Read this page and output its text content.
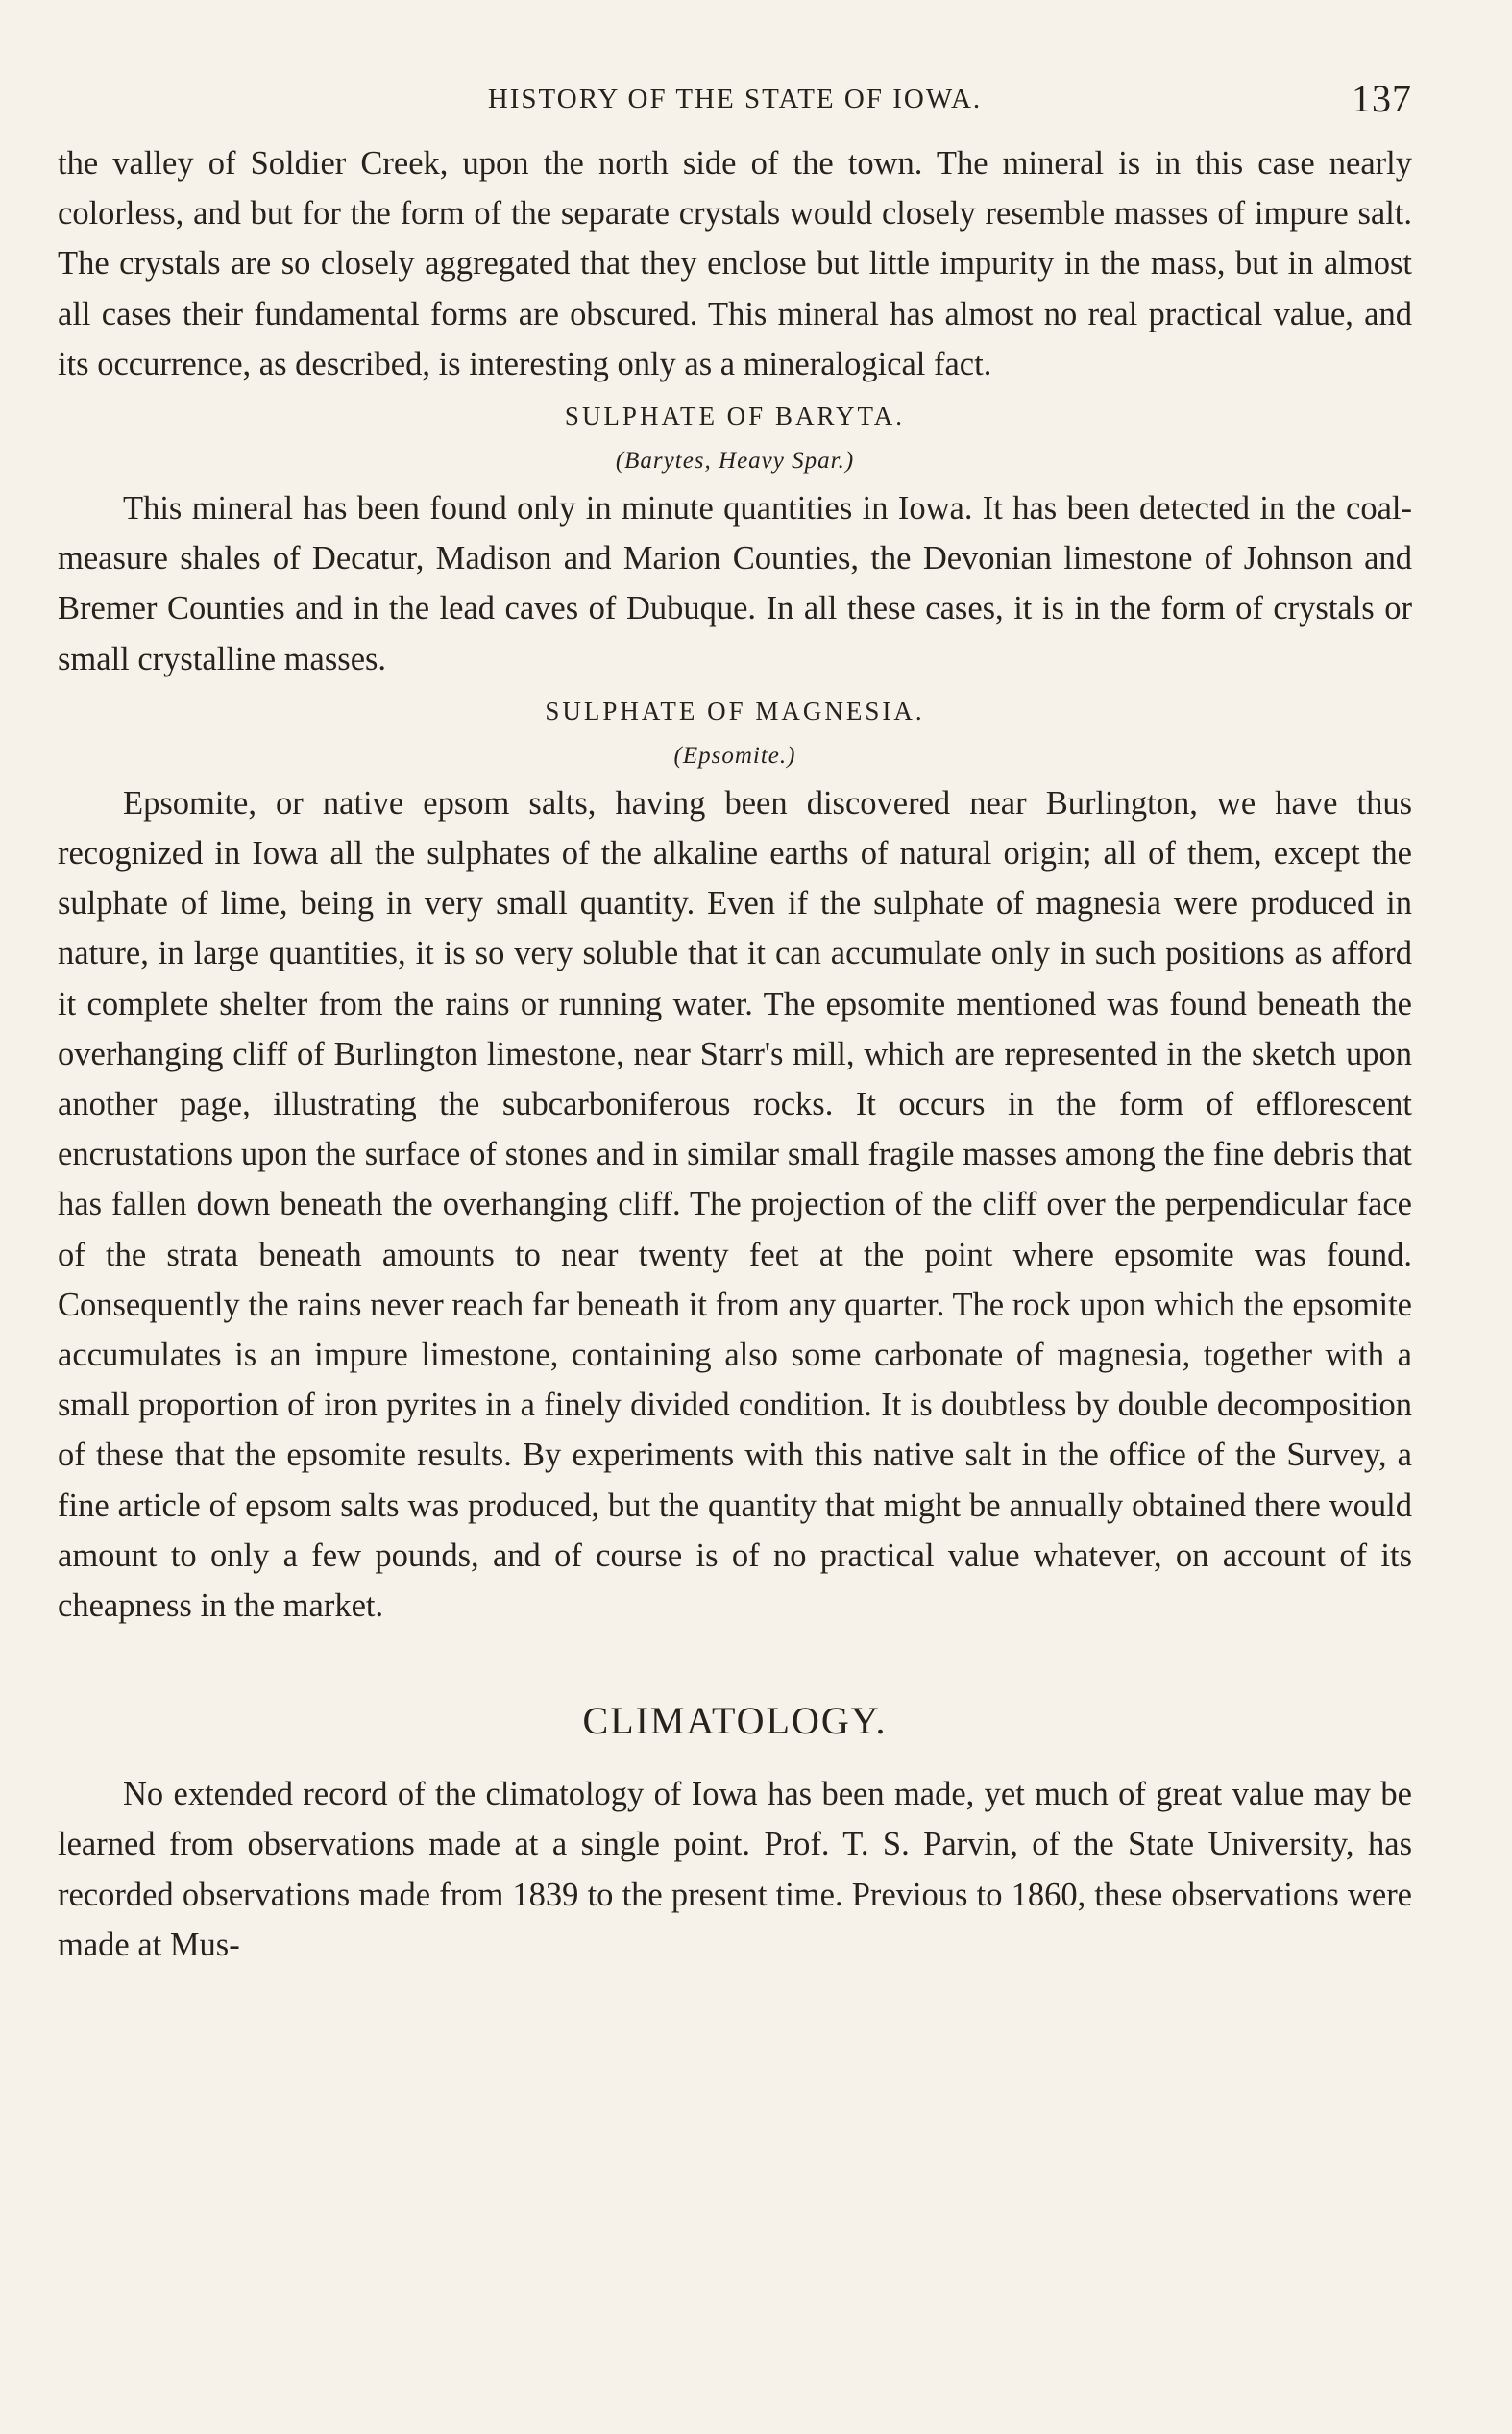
HISTORY OF THE STATE OF IOWA.	137

the valley of Soldier Creek, upon the north side of the town. The mineral is in this case nearly colorless, and but for the form of the separate crystals would closely resemble masses of impure salt. The crystals are so closely aggregated that they enclose but little impurity in the mass, but in almost all cases their fundamental forms are obscured. This mineral has almost no real practical value, and its occurrence, as described, is interesting only as a mineralogical fact.

SULPHATE OF BARYTA.
(Barytes, Heavy Spar.)

This mineral has been found only in minute quantities in Iowa. It has been detected in the coal-measure shales of Decatur, Madison and Marion Counties, the Devonian limestone of Johnson and Bremer Counties and in the lead caves of Dubuque. In all these cases, it is in the form of crystals or small crystalline masses.

SULPHATE OF MAGNESIA.
(Epsomite.)

Epsomite, or native epsom salts, having been discovered near Burlington, we have thus recognized in Iowa all the sulphates of the alkaline earths of natural origin; all of them, except the sulphate of lime, being in very small quantity. Even if the sulphate of magnesia were produced in nature, in large quantities, it is so very soluble that it can accumulate only in such positions as afford it complete shelter from the rains or running water. The epsomite mentioned was found beneath the overhanging cliff of Burlington limestone, near Starr's mill, which are represented in the sketch upon another page, illustrating the subcarboniferous rocks. It occurs in the form of efflorescent encrustations upon the surface of stones and in similar small fragile masses among the fine debris that has fallen down beneath the overhanging cliff. The projection of the cliff over the perpendicular face of the strata beneath amounts to near twenty feet at the point where epsomite was found. Consequently the rains never reach far beneath it from any quarter. The rock upon which the epsomite accumulates is an impure limestone, containing also some carbonate of magnesia, together with a small proportion of iron pyrites in a finely divided condition. It is doubtless by double decomposition of these that the epsomite results. By experiments with this native salt in the office of the Survey, a fine article of epsom salts was produced, but the quantity that might be annually obtained there would amount to only a few pounds, and of course is of no practical value whatever, on account of its cheapness in the market.

CLIMATOLOGY.

No extended record of the climatology of Iowa has been made, yet much of great value may be learned from observations made at a single point. Prof. T. S. Parvin, of the State University, has recorded observations made from 1839 to the present time. Previous to 1860, these observations were made at Mus-
